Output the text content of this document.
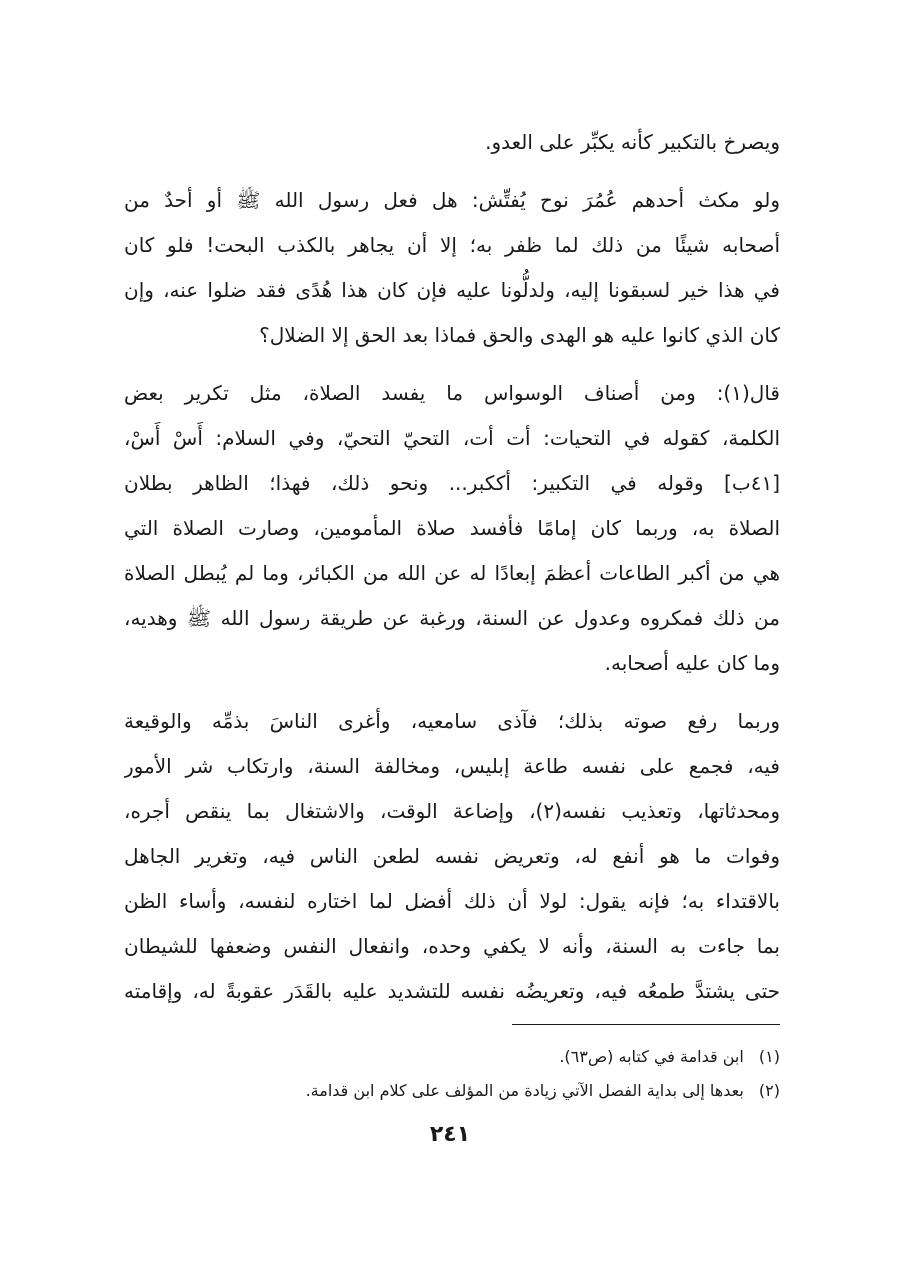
ويصرخ بالتكبير كأنه يكبِّر على العدو.
ولو مكث أحدهم عُمُرَ نوح يُفتِّش: هل فعل رسول الله ﷺ أو أحدٌ من
أصحابه شيئًا من ذلك لما ظفر به؛ إلا أن يجاهر بالكذب البحت! فلو كان
في هذا خير لسبقونا إليه، ولدلُّونا عليه فإن كان هذا هُدًى فقد ضلوا عنه، وإن
كان الذي كانوا عليه هو الهدى والحق فماذا بعد الحق إلا الضلال؟
قال(١): ومن أصناف الوسواس ما يفسد الصلاة، مثل تكرير بعض
الكلمة، كقوله في التحيات: أت أت، التحيّ التحيّ، وفي السلام: أَسْ أَسْ،
[٤١ب] وقوله في التكبير: أككبر... ونحو ذلك، فهذا؛ الظاهر بطلان
الصلاة به، وربما كان إمامًا فأفسد صلاة المأمومين، وصارت الصلاة التي
هي من أكبر الطاعات أعظمَ إبعادًا له عن الله من الكبائر، وما لم يُبطل الصلاة
من ذلك فمكروه وعدول عن السنة، ورغبة عن طريقة رسول الله ﷺ وهديه،
وما كان عليه أصحابه.
وربما رفع صوته بذلك؛ فآذى سامعيه، وأغرى الناسَ بذمِّه والوقيعة
فيه، فجمع على نفسه طاعة إبليس، ومخالفة السنة، وارتكاب شر الأمور
ومحدثاتها، وتعذيب نفسه(٢)، وإضاعة الوقت، والاشتغال بما ينقص أجره،
وفوات ما هو أنفع له، وتعريض نفسه لطعن الناس فيه، وتغرير الجاهل
بالاقتداء به؛ فإنه يقول: لولا أن ذلك أفضل لما اختاره لنفسه، وأساء الظن
بما جاءت به السنة، وأنه لا يكفي وحده، وانفعال النفس وضعفها للشيطان
حتى يشتدَّ طمعُه فيه، وتعريضُه نفسه للتشديد عليه بالقَدَر عقوبةً له، وإقامته
(١) ابن قدامة في كتابه (ص٦٣).
(٢) بعدها إلى بداية الفصل الآتي زيادة من المؤلف على كلام ابن قدامة.
٢٤١
